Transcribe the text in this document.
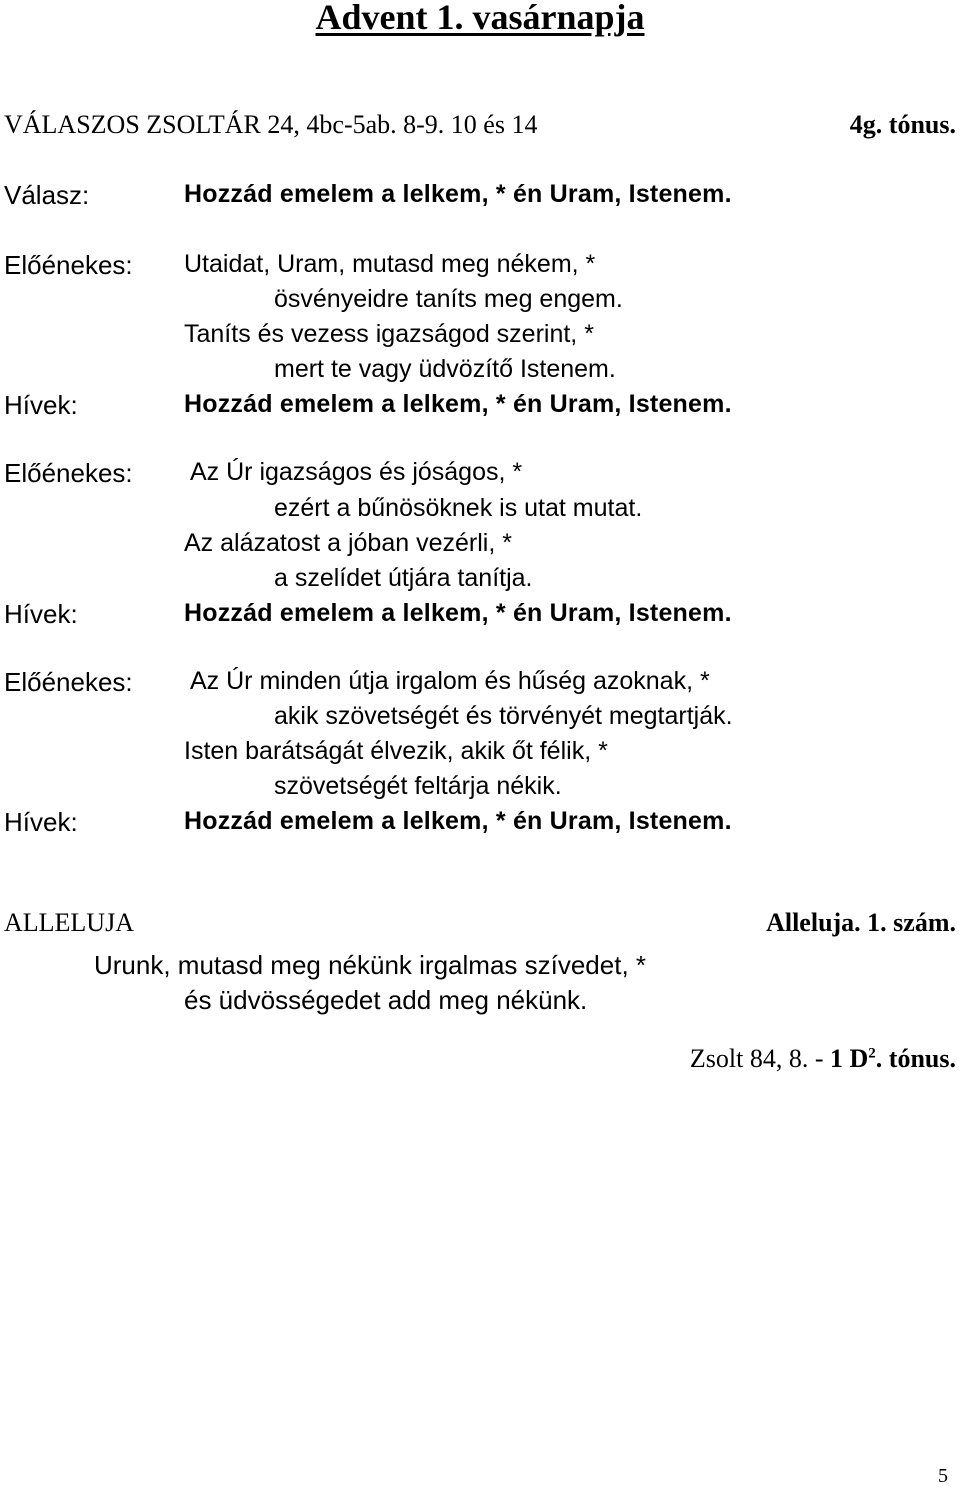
Advent 1. vasárnapja
VÁLASZOS ZSOLTÁR 24, 4bc-5ab. 8-9. 10 és 14	4g. tónus.
Válasz:	Hozzád emelem a lelkem, * én Uram, Istenem.
Előénekes: Utaidat, Uram, mutasd meg nékem, *
ösvényeidre taníts meg engem.
Taníts és vezess igazságod szerint, *
mert te vagy üdvözítő Istenem.
Hívek:	Hozzád emelem a lelkem, * én Uram, Istenem.
Előénekes: Az Úr igazságos és jóságos, *
ezért a bűnösöknek is utat mutat.
Az alázatost a jóban vezérli, *
a szelídet útjára tanítja.
Hívek:	Hozzád emelem a lelkem, * én Uram, Istenem.
Előénekes: Az Úr minden útja irgalom és hűség azoknak, *
akik szövetségét és törvényét megtartják.
Isten barátságát élvezik, akik őt félik, *
szövetségét feltárja nékik.
Hívek:	Hozzád emelem a lelkem, * én Uram, Istenem.
ALLELUJA	Alleluja. 1. szám.
Urunk, mutasd meg nékünk irgalmas szívedet, *
és üdvösségedet add meg nékünk.
Zsolt 84, 8. - 1 $D^2$. tónus.
5
